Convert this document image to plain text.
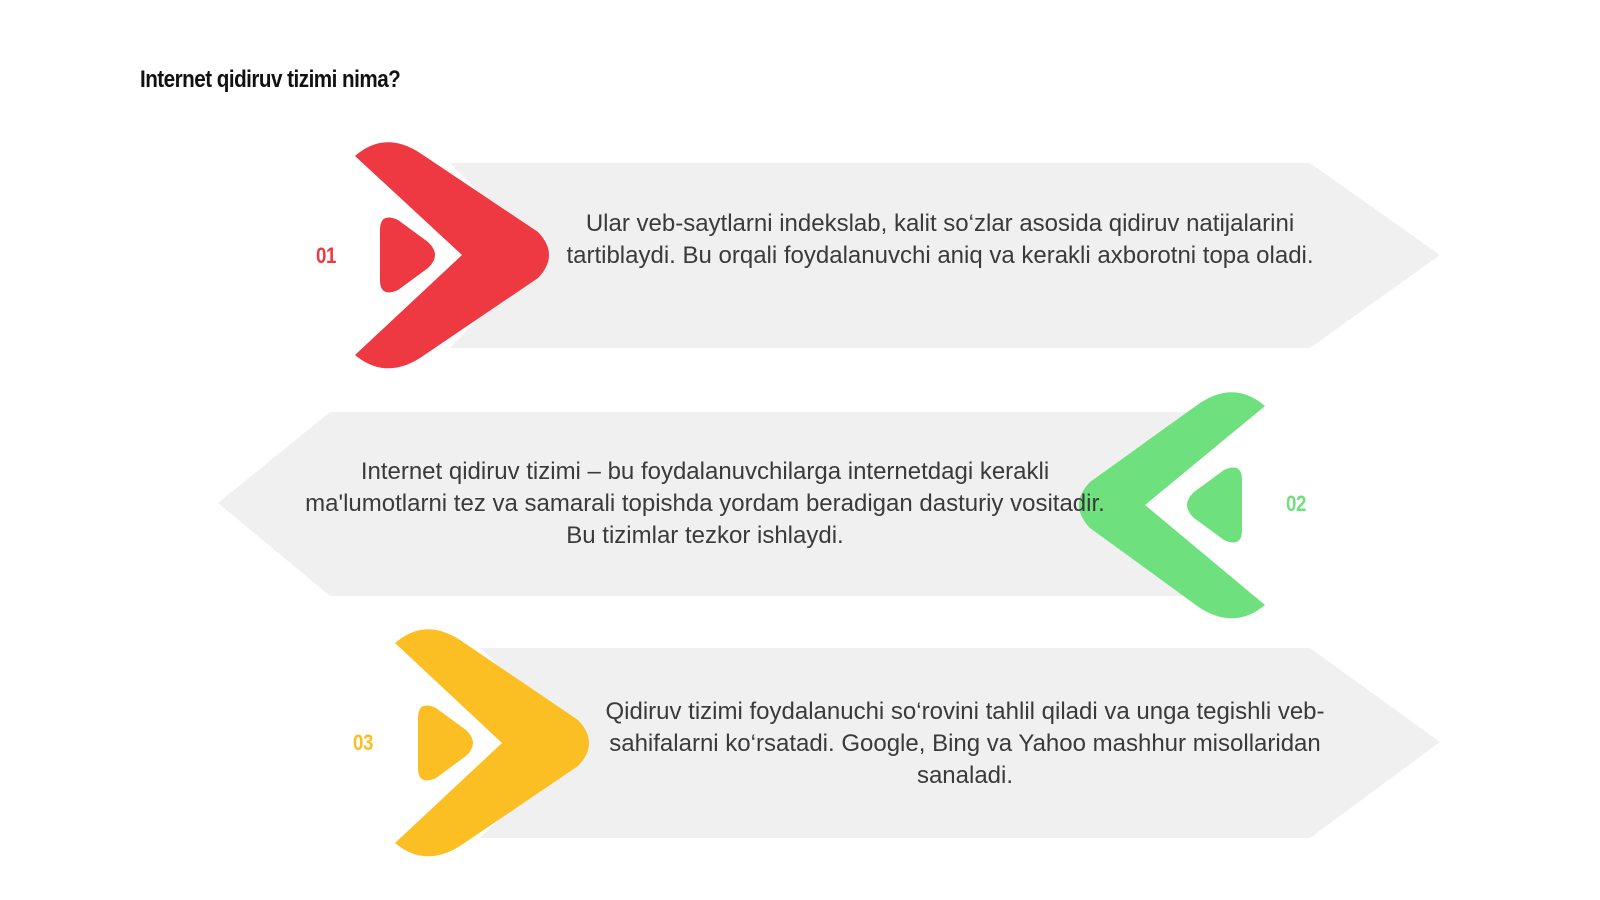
Internet qidiruv tizimi nima?
01
Ular veb-saytlarni indekslab, kalit so‘zlar asosida qidiruv natijalarini tartiblaydi. Bu orqali foydalanuvchi aniq va kerakli axborotni topa oladi.
02
Internet qidiruv tizimi – bu foydalanuvchilarga internetdagi kerakli ma'lumotlarni tez va samarali topishda yordam beradigan dasturiy vositadir. Bu tizimlar tezkor ishlaydi.
03
Qidiruv tizimi foydalanuchi so‘rovini tahlil qiladi va unga tegishli veb-sahifalarni ko‘rsatadi. Google, Bing va Yahoo mashhur misollaridan sanaladi.
